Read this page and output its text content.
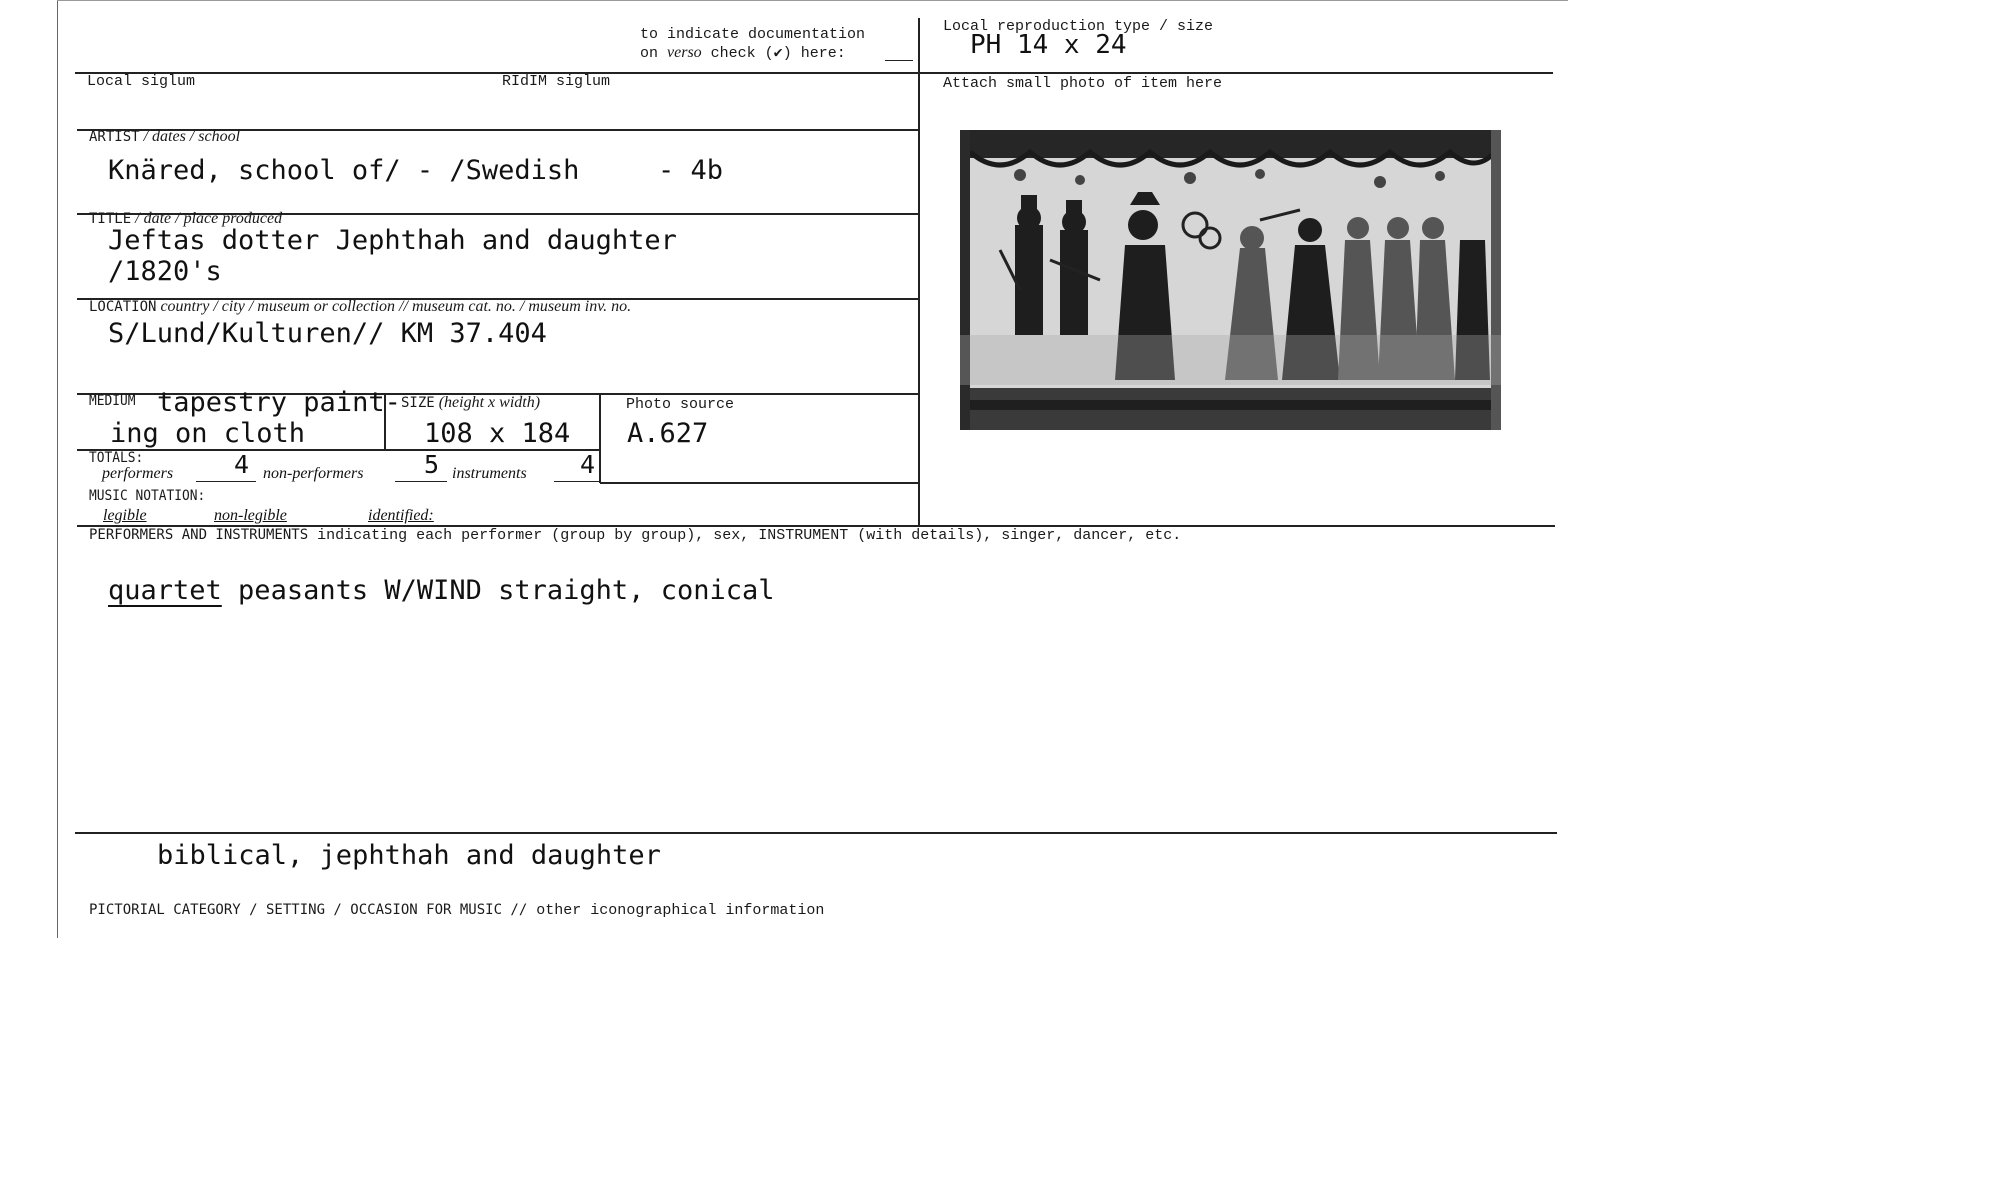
to indicate documentation
on verso check (✔) here:
Local reproduction type / size
PH 14 x 24
Local siglum	RIdIM siglum	Attach small photo of item here
ARTIST / dates / school
Knäred, school of/ - /Swedish	- 4b
TITLE / date / place produced
Jeftas dotter Jephthah and daughter
/1820's
LOCATION country / city / museum or collection // museum cat. no. / museum inv. no.
S/Lund/Kulturen// KM 37.404
MEDIUM tapestry paint-
ing on cloth
SIZE (height x width)
108 x 184
Photo source
A.627
TOTALS:
performers 4 non-performers 5 instruments 4
MUSIC NOTATION:
legible	non-legible	identified:
PERFORMERS AND INSTRUMENTS indicating each performer (group by group), sex, INSTRUMENT (with details), singer, dancer, etc.
quartet peasants W/WIND straight, conical
biblical, jephthah and daughter
PICTORIAL CATEGORY / SETTING / OCCASION FOR MUSIC // other iconographical information
